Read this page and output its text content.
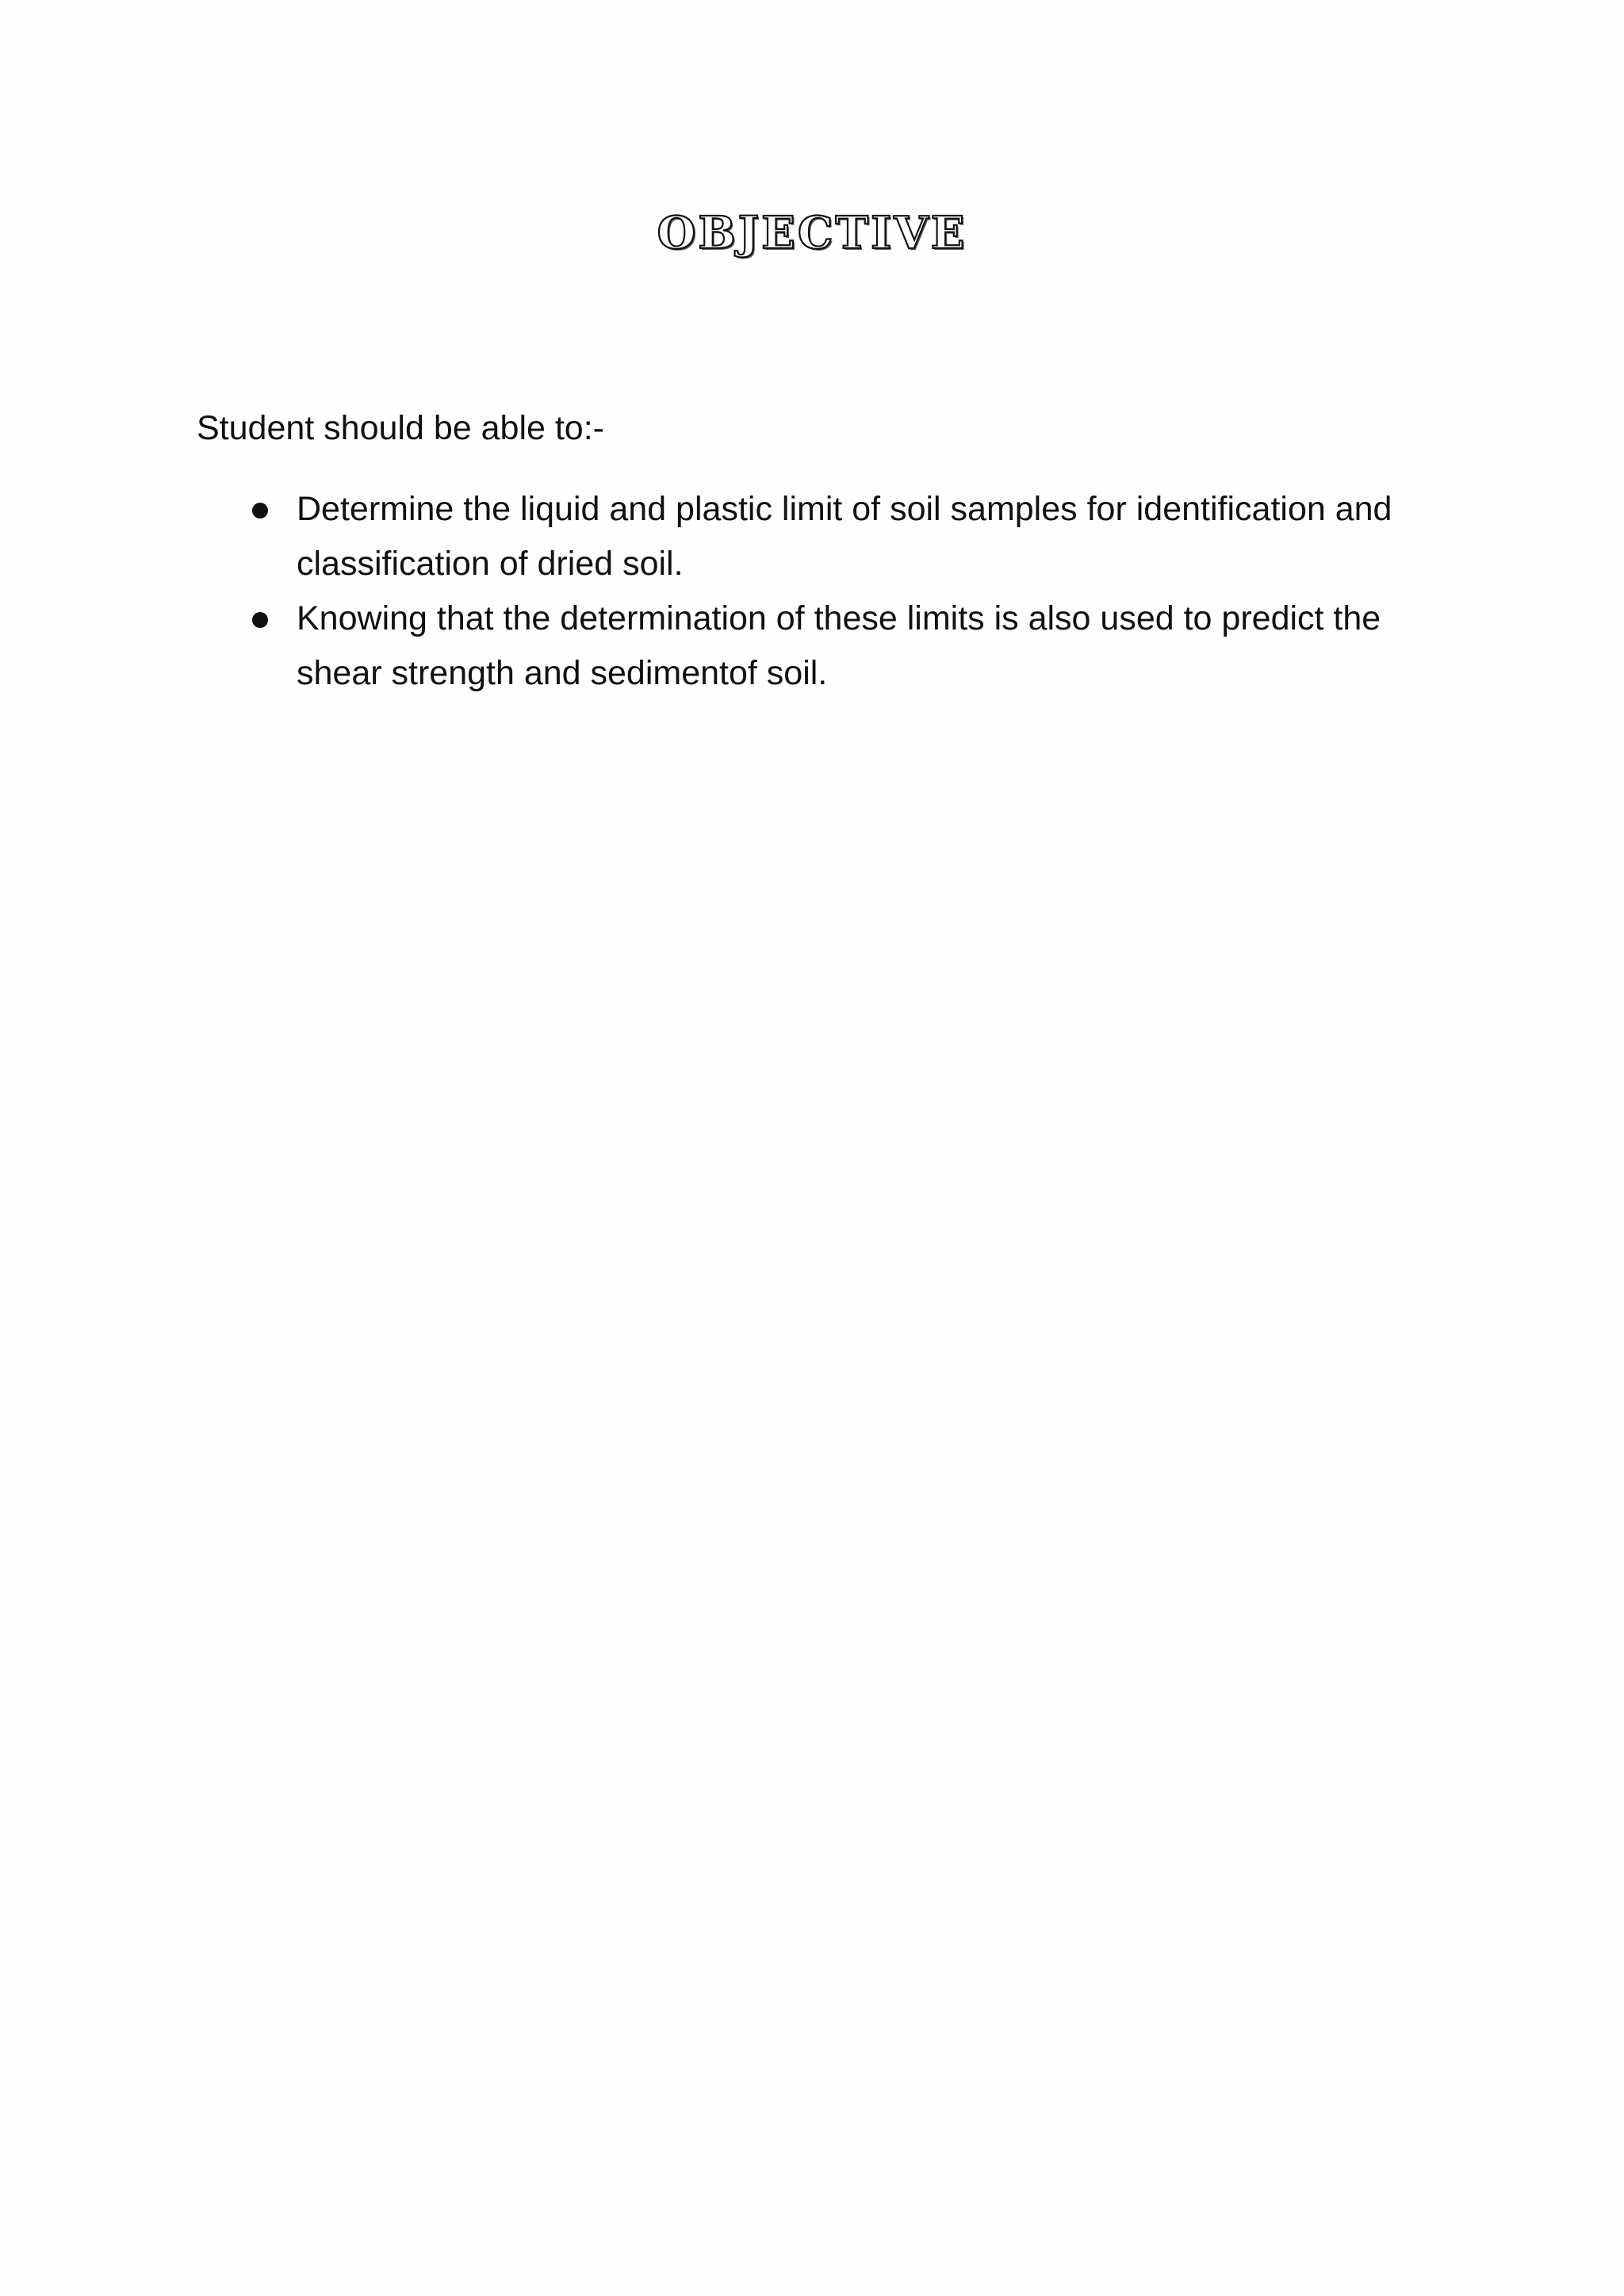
OBJECTIVE

Student should be able to:-

Determine the liquid and plastic limit of soil samples for identification and classification of dried soil.
Knowing that the determination of these limits is also used to predict the shear strength and sedimentof soil.
